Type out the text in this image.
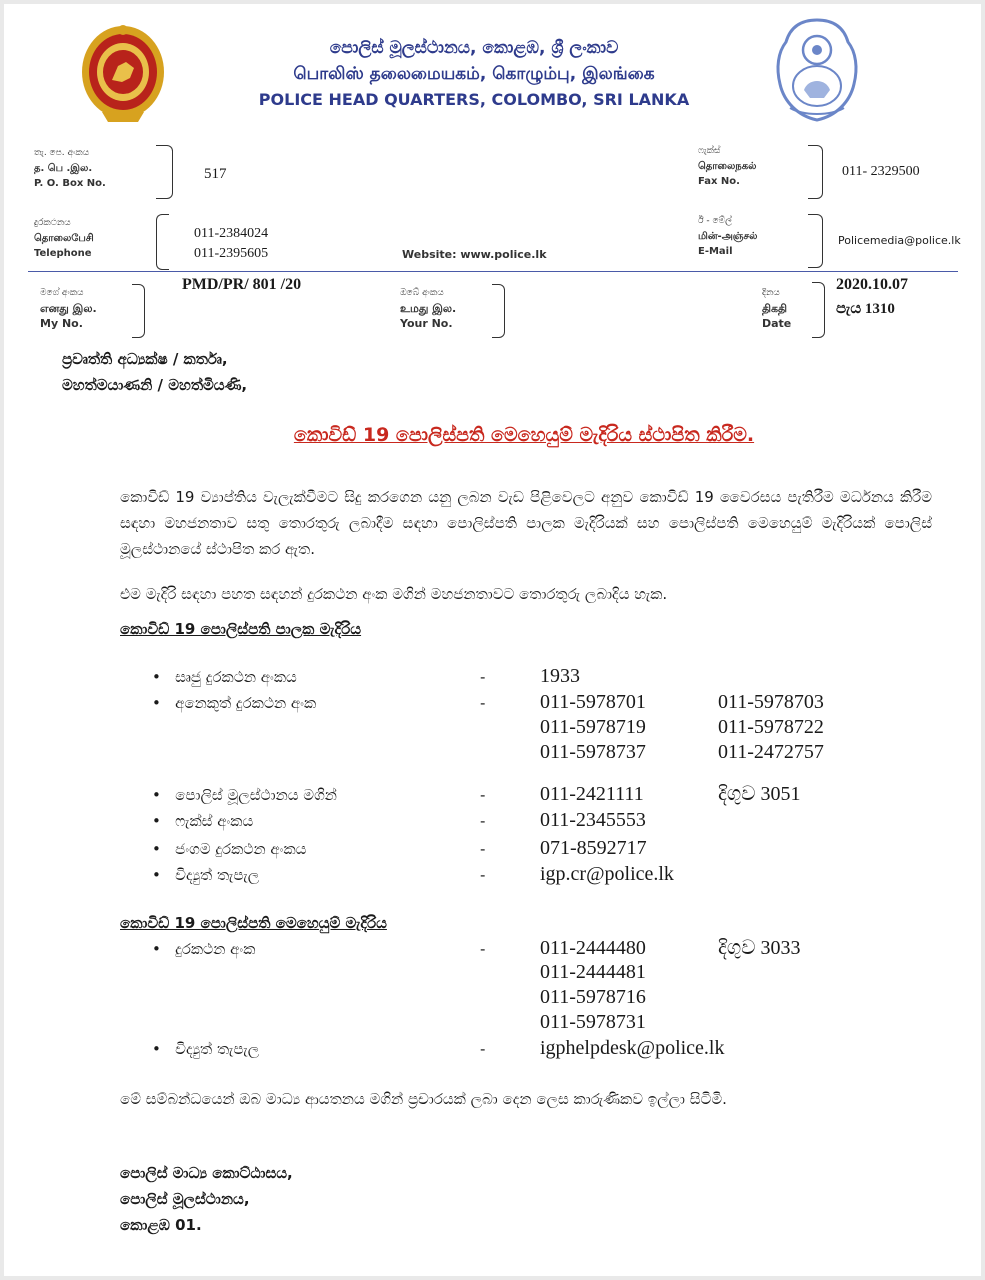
පොලිස් මූලස්ථානය, කොළඹ, ශ්‍රී ලංකාව
பொலிஸ் தலைமையகம், கொழும்பு, இலங்கை
POLICE HEAD QUARTERS, COLOMBO, SRI LANKA
තැ. පෙ. අංකය
த. பெ .இல.
P. O. Box No.
517
ෆැක්ස්
தொலைநகல்
Fax No.
011- 2329500
දුරකථනය
தொலைபேசி
Telephone
011-2384024
011-2395605	Website: www.police.lk
ඊ - මේල්
மின்-அஞ்சல்
E-Mail
Policemedia@police.lk
මගේ අංකය
எனது இல.
My No.
PMD/PR/ 801 /20	ඔබේ අංකය
உமது இல.
Your No.
දිනය
திகதி
Date
2020.10.07
පැය 1310
ප්‍රවෘත්ති අධ්‍යක්ෂ / කර්තෘ,
මහත්මයාණනි / මහත්මියණි,
කොවිඩ් 19 පොලිස්පති මෙහෙයුම් මැදිරිය ස්ථාපිත කිරීම.
කොවිඩ් 19 ව්‍යාප්තිය වැලැක්වීමට සිදු කරගෙන යනු ලබන වැඩ පිළිවෙලට අනුව කොවිඩ් 19 වෛරසය පැතිරීම මර්ධනය කිරීම සඳහා මහජනතාව සතු තොරතුරු ලබාදීම සඳහා පොලිස්පති පාලක මැදිරියක් සහ පොලිස්පති මෙහෙයුම් මැදිරියක් පොලිස් මූලස්ථානයේ ස්ථාපිත කර ඇත.
එම මැදිරි සඳහා පහත සඳහන් දුරකථන අංක මගින් මහජනතාවට තොරතුරු ලබාදිය හැක.
කොවිඩ් 19 පොලිස්පති පාලක මැදිරිය
•   සෘජු දුරකථන අංකය	-	1933
•   අනෙකුත් දුරකථන අංක	-	011-5978701	011-5978703
011-5978719	011-5978722
011-5978737	011-2472757
•   පොලිස් මූලස්ථානය මගින්	-	011-2421111	දිගුව 3051
•   ෆැක්ස් අංකය	-	011-2345553
•   ජංගම දුරකථන අංකය	-	071-8592717
•   විද්‍යුත් තැපැල	-	igp.cr@police.lk
කොවිඩ් 19 පොලිස්පති මෙහෙයුම් මැදිරිය
•   දුරකථන අංක	-	011-2444480	දිගුව 3033
011-2444481
011-5978716
011-5978731
•   විද්‍යුත් තැපැල	-	igphelpdesk@police.lk
මේ සම්බන්ධයෙන් ඔබ මාධ්‍ය ආයතනය මගින් ප්‍රචාරයක් ලබා දෙන ලෙස කාරුණිකව ඉල්ලා සිටිමි.
පොලිස් මාධ්‍ය කොට්ඨාසය,
පොලිස් මූලස්ථානය,
කොළඹ 01.
